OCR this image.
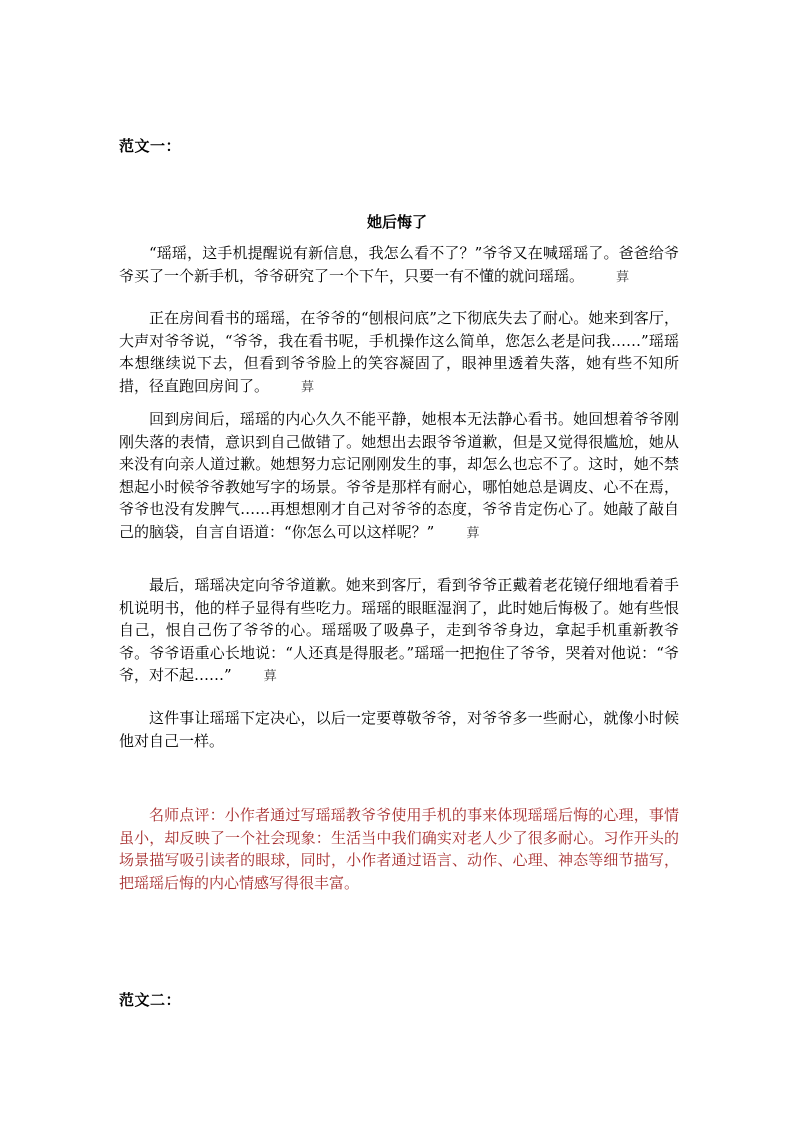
范文一：
她后悔了

“瑶瑶，这手机提醒说有新信息，我怎么看不了？”爷爷又在喊瑶瑶了。爸爸给爷爷买了一个新手机，爷爷研究了一个下午，只要一有不懂的就问瑶瑶。 萛

正在房间看书的瑶瑶，在爷爷的“刨根问底”之下彻底失去了耐心。她来到客厅，大声对爷爷说，“爷爷，我在看书呢，手机操作这么简单，您怎么老是问我……”瑶瑶本想继续说下去，但看到爷爷脸上的笑容凝固了，眼神里透着失落，她有些不知所措，径直跑回房间了。 萛

回到房间后，瑶瑶的内心久久不能平静，她根本无法静心看书。她回想着爷爷刚刚失落的表情，意识到自己做错了。她想出去跟爷爷道歉，但是又觉得很尴尬，她从来没有向亲人道过歉。她想努力忘记刚刚发生的事，却怎么也忘不了。这时，她不禁想起小时候爷爷教她写字的场景。爷爷是那样有耐心，哪怕她总是调皮、心不在焉，爷爷也没有发脾气……再想想刚才自己对爷爷的态度，爷爷肯定伤心了。她敲了敲自己的脑袋，自言自语道：“你怎么可以这样呢？” 萛

最后，瑶瑶决定向爷爷道歉。她来到客厅，看到爷爷正戴着老花镜仔细地看着手机说明书，他的样子显得有些吃力。瑶瑶的眼眶湿润了，此时她后悔极了。她有些恨自己，恨自己伤了爷爷的心。瑶瑶吸了吸鼻子，走到爷爷身边，拿起手机重新教爷爷。爷爷语重心长地说：“人还真是得服老。”瑶瑶一把抱住了爷爷，哭着对他说：“爷爷，对不起……” 萛

这件事让瑶瑶下定决心，以后一定要尊敬爷爷，对爷爷多一些耐心，就像小时候他对自己一样。

名师点评：小作者通过写瑶瑶教爷爷使用手机的事来体现瑶瑶后悔的心理，事情虽小，却反映了一个社会现象：生活当中我们确实对老人少了很多耐心。习作开头的场景描写吸引读者的眼球，同时，小作者通过语言、动作、心理、神态等细节描写，把瑶瑶后悔的内心情感写得很丰富。

范文二：
